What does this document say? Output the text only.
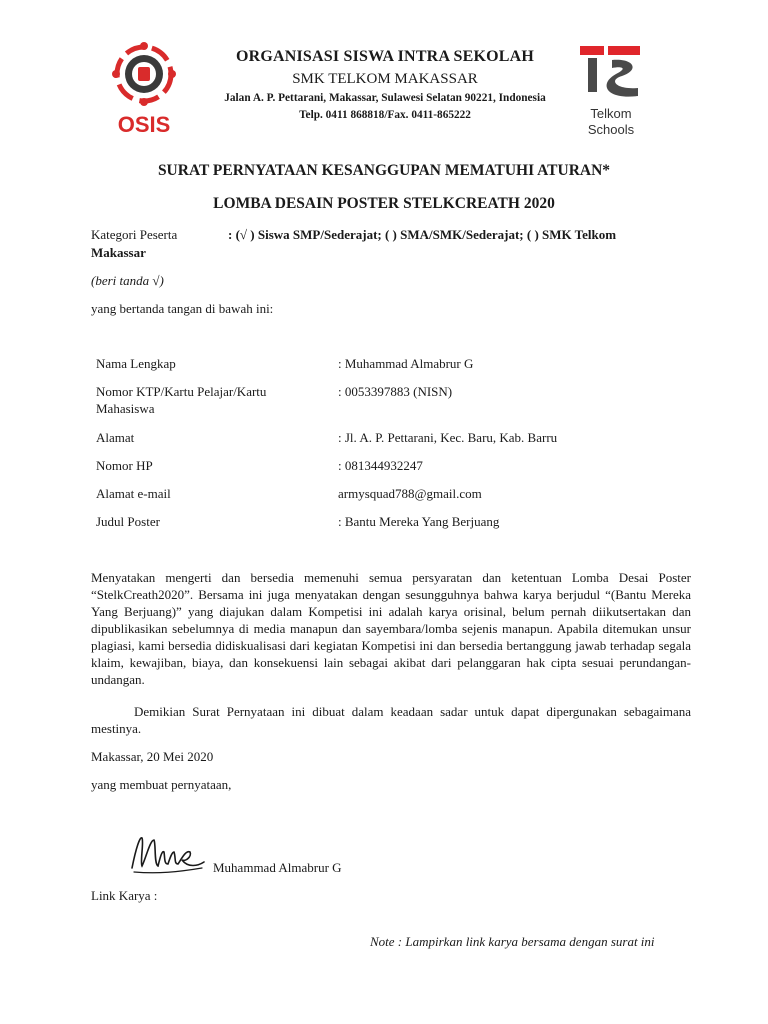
OSIS
ORGANISASI SISWA INTRA SEKOLAH
SMK TELKOM MAKASSAR
Jalan A. P. Pettarani, Makassar, Sulawesi Selatan 90221, Indonesia
Telp. 0411 868818/Fax. 0411-865222	Telkom
Schools
SURAT PERNYATAAN KESANGGUPAN MEMATUHI ATURAN*
LOMBA DESAIN POSTER STELKCREATH 2020
Kategori Peserta	: (√ ) Siswa SMP/Sederajat; ( ) SMA/SMK/Sederajat; ( ) SMK Telkom
Makassar
(beri tanda √)
yang bertanda tangan di bawah ini:
Nama Lengkap	: Muhammad Almabrur G
Nomor KTP/Kartu Pelajar/Kartu Mahasiswa
: 0053397883 (NISN)
Alamat	: Jl. A. P. Pettarani, Kec. Baru, Kab. Barru
Nomor HP	: 081344932247
Alamat e-mail	armysquad788@gmail.com
Judul Poster	: Bantu Mereka Yang Berjuang
Menyatakan mengerti dan bersedia memenuhi semua persyaratan dan ketentuan Lomba Desai Poster “StelkCreath2020”. Bersama ini juga menyatakan dengan sesungguhnya bahwa karya berjudul “(Bantu Mereka Yang Berjuang)” yang diajukan dalam Kompetisi ini adalah karya orisinal, belum pernah diikutsertakan dan dipublikasikan sebelumnya di media manapun dan sayembara/lomba sejenis manapun. Apabila ditemukan unsur plagiasi, kami bersedia didiskualisasi dari kegiatan Kompetisi ini dan bersedia bertanggung jawab terhadap segala klaim, kewajiban, biaya, dan konsekuensi lain sebagai akibat dari pelanggaran hak cipta sesuai perundangan-undangan.
Demikian Surat Pernyataan ini dibuat dalam keadaan sadar untuk dapat dipergunakan sebagaimana mestinya.
Makassar, 20 Mei 2020
yang membuat pernyataan,
Muhammad Almabrur G
Link Karya :
Note : Lampirkan link karya bersama dengan surat ini
